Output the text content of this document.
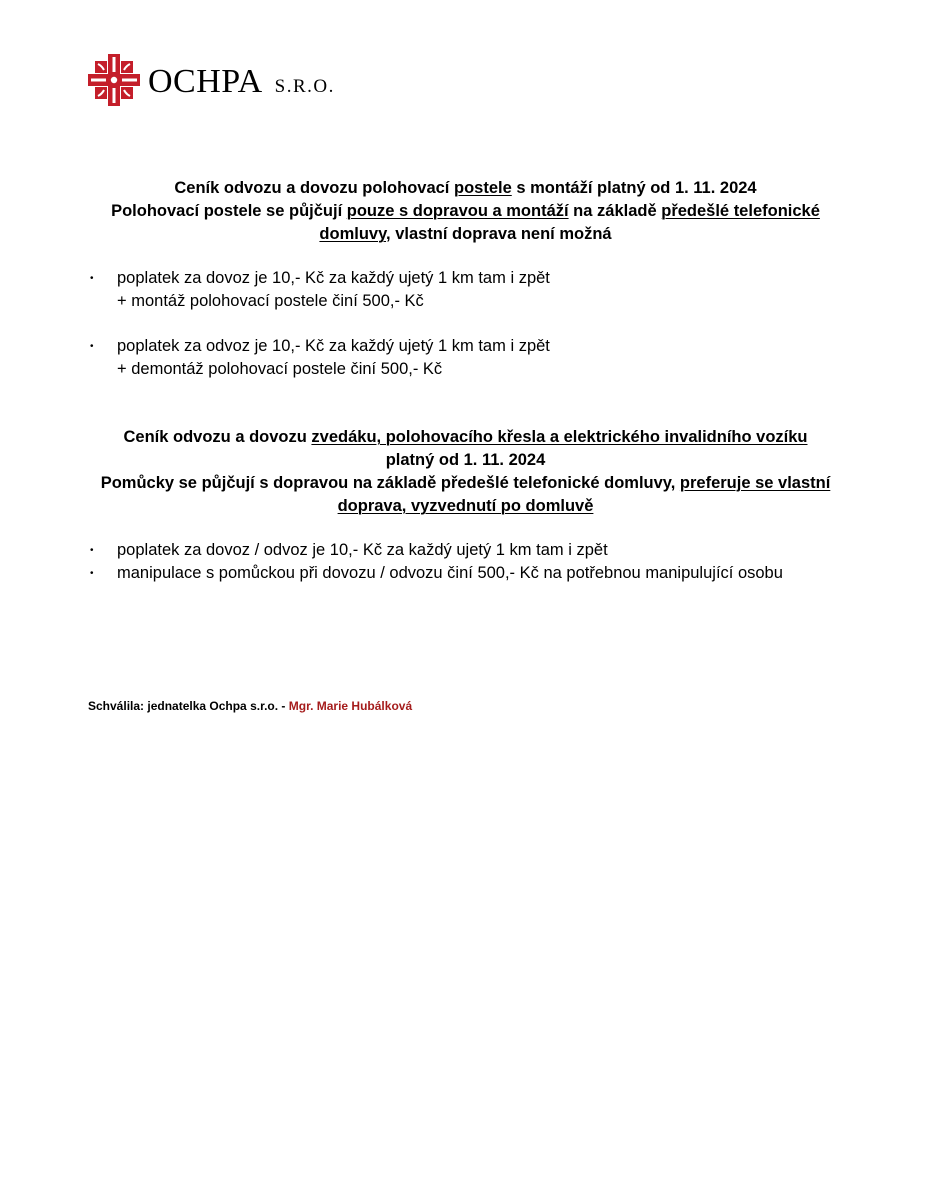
OCHPA S.R.O.
Ceník odvozu a dovozu polohovací postele s montáží platný od 1. 11. 2024
Polohovací postele se půjčují pouze s dopravou a montáží na základě předešlé telefonické domluvy, vlastní doprava není možná
• poplatek za dovoz je 10,- Kč za každý ujetý 1 km tam i zpět
+ montáž polohovací postele činí 500,- Kč
• poplatek za odvoz je 10,- Kč za každý ujetý 1 km tam i zpět
+ demontáž polohovací postele činí 500,- Kč
Ceník odvozu a dovozu zvedáku, polohovacího křesla a elektrického invalidního vozíku
platný od 1. 11. 2024
Pomůcky se půjčují s dopravou na základě předešlé telefonické domluvy, preferuje se vlastní doprava, vyzvednutí po domluvě
• poplatek za dovoz / odvoz je 10,- Kč za každý ujetý 1 km tam i zpět
• manipulace s pomůckou při dovozu / odvozu činí 500,- Kč na potřebnou manipulující osobu
Schválila: jednatelka Ochpa s.r.o. - Mgr. Marie Hubálková
